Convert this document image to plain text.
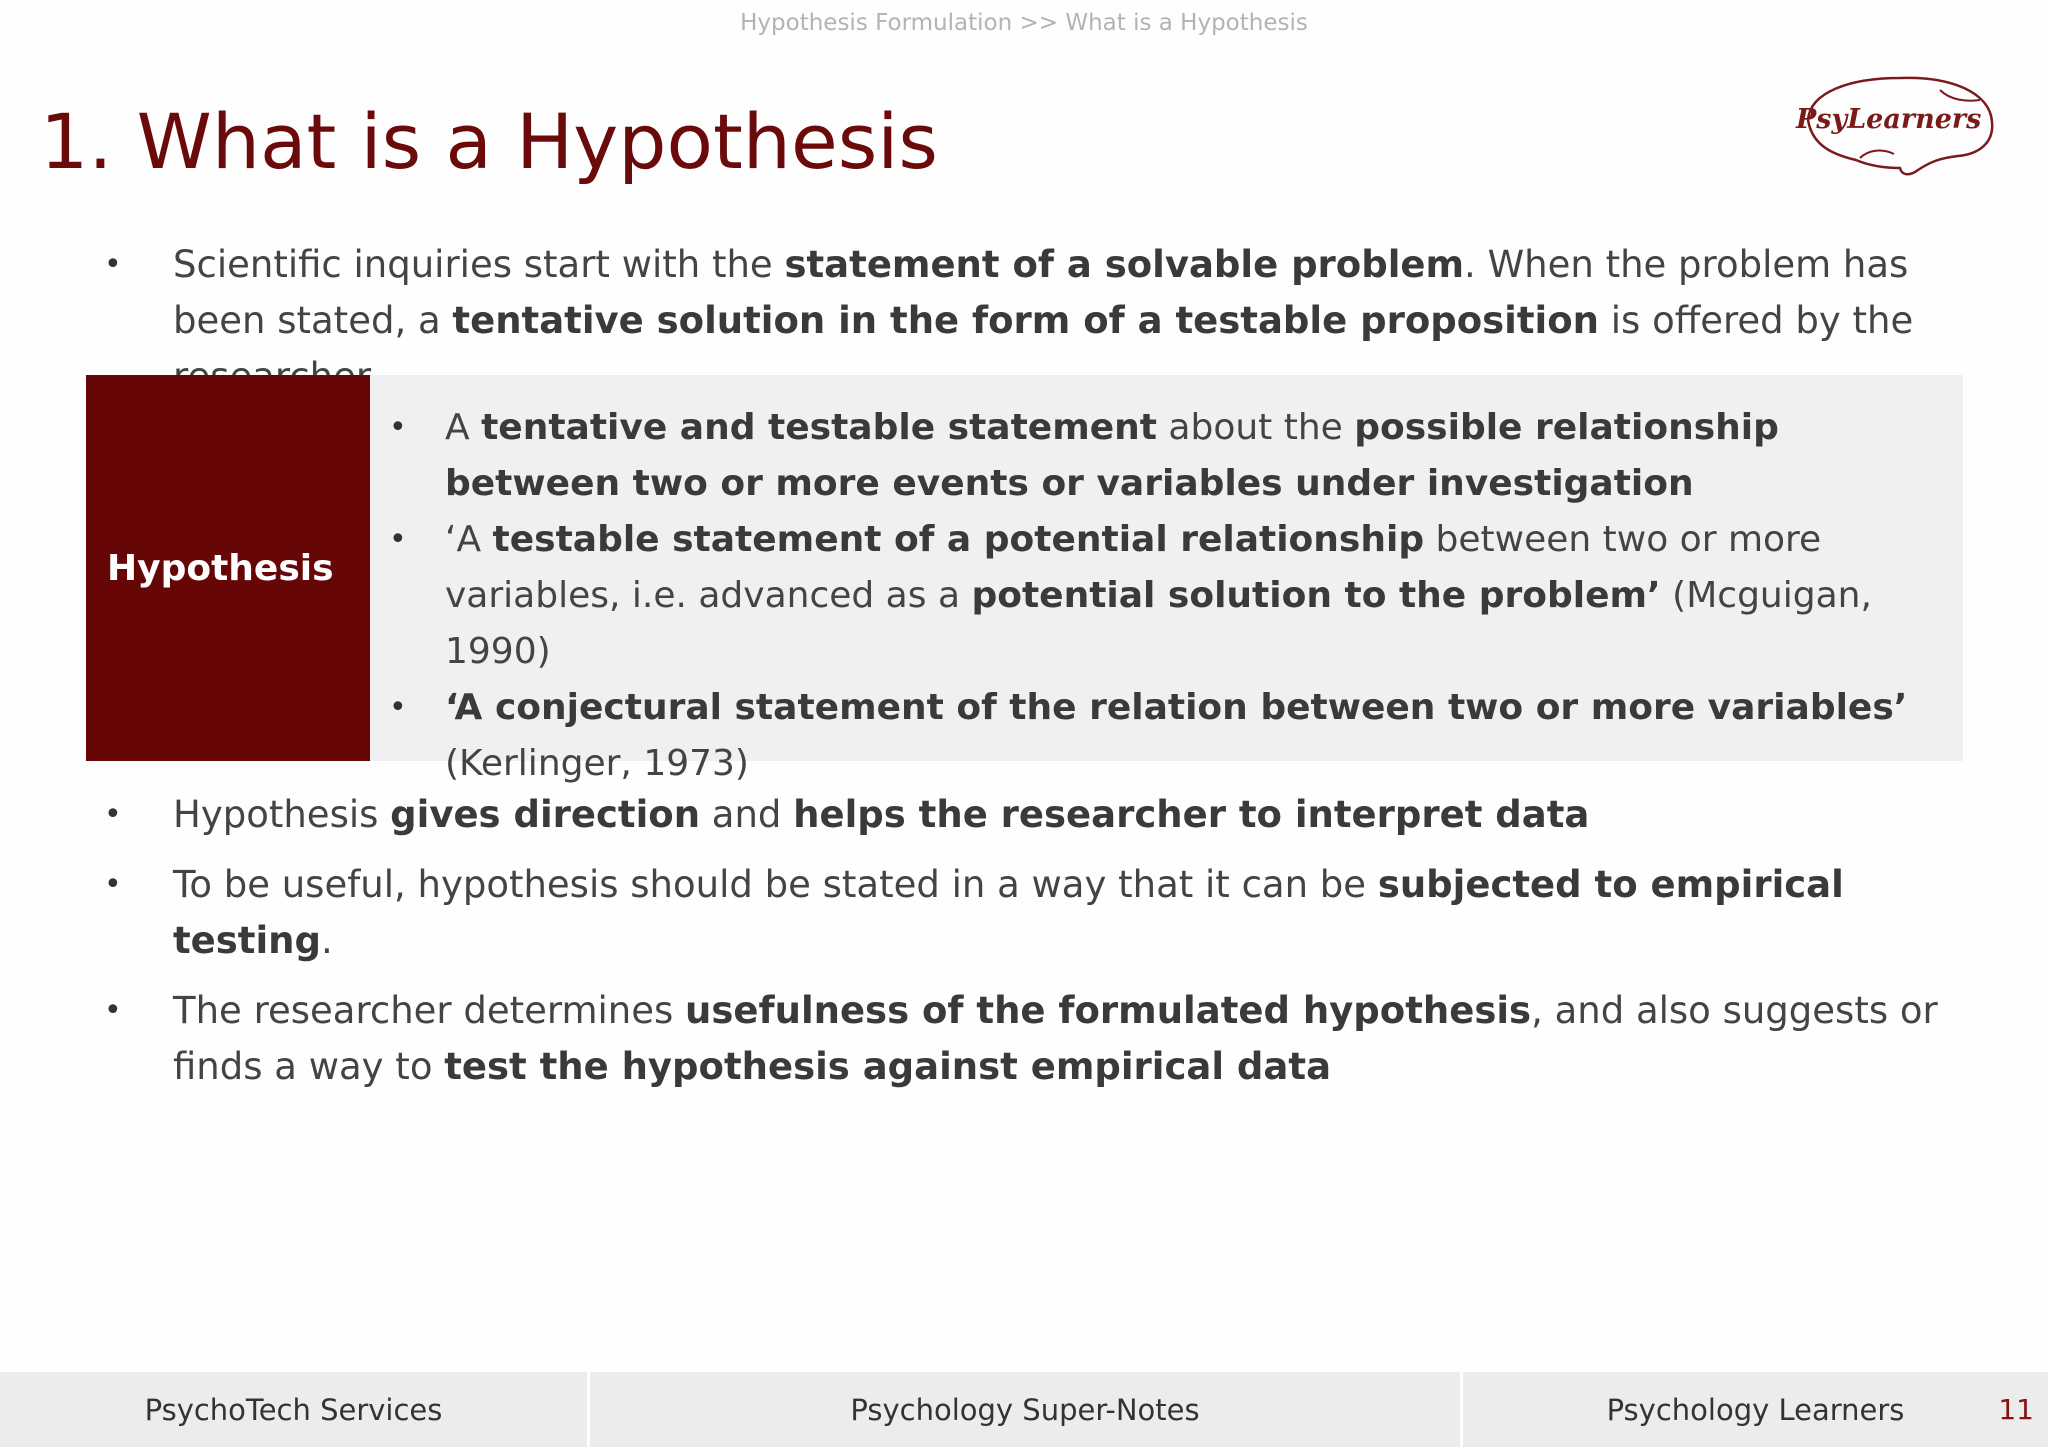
Hypothesis Formulation >> What is a Hypothesis
1. What is a Hypothesis	PsyLearners
• Scientific inquiries start with the statement of a solvable problem. When the problem has been stated, a tentative solution in the form of a testable proposition is offered by the
Hypothesis
• A tentative and testable statement about the possible relationship between two or more events or variables under investigation
• ‘A testable statement of a potential relationship between two or more variables, i.e. advanced as a potential solution to the problem’ (Mcguigan, 1990)
• ‘A conjectural statement of the relation between two or more variables’ (Kerlinger, 1973)
• Hypothesis gives direction and helps the researcher to interpret data
• To be useful, hypothesis should be stated in a way that it can be subjected to empirical testing.
• The researcher determines usefulness of the formulated hypothesis, and also suggests or finds a way to test the hypothesis against empirical data
PsychoTech Services	Psychology Super-Notes	Psychology Learners	11
